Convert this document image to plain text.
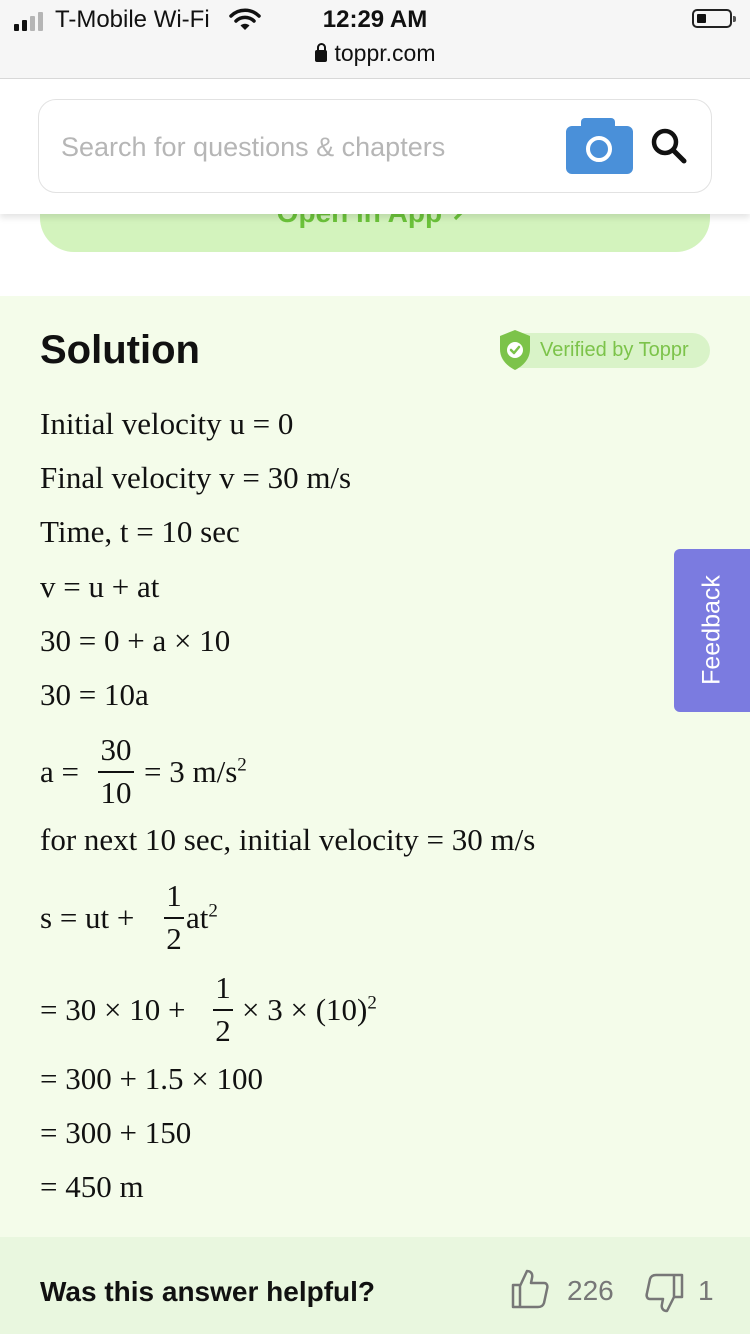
T-Mobile Wi-Fi	12:29 AM
toppr.com
Search for questions & chapters
Solution	Verified by Toppr
Initial velocity u = 0
Final velocity v = 30 m/s
Time, t = 10 sec
v = u + at
30 = 0 + a × 10
30 = 10a
a =
30
10
= 3 $m/s^2$
for next 10 sec, initial velocity = 30 m/s
s = ut +
1
2
$at^2$
= 30 × 10 +
1
2
× $3 \times (10)^2$
= 300 + 1.5 × 100
= 300 + 150
= 450 m
Feedback
Was this answer helpful?	226	1
